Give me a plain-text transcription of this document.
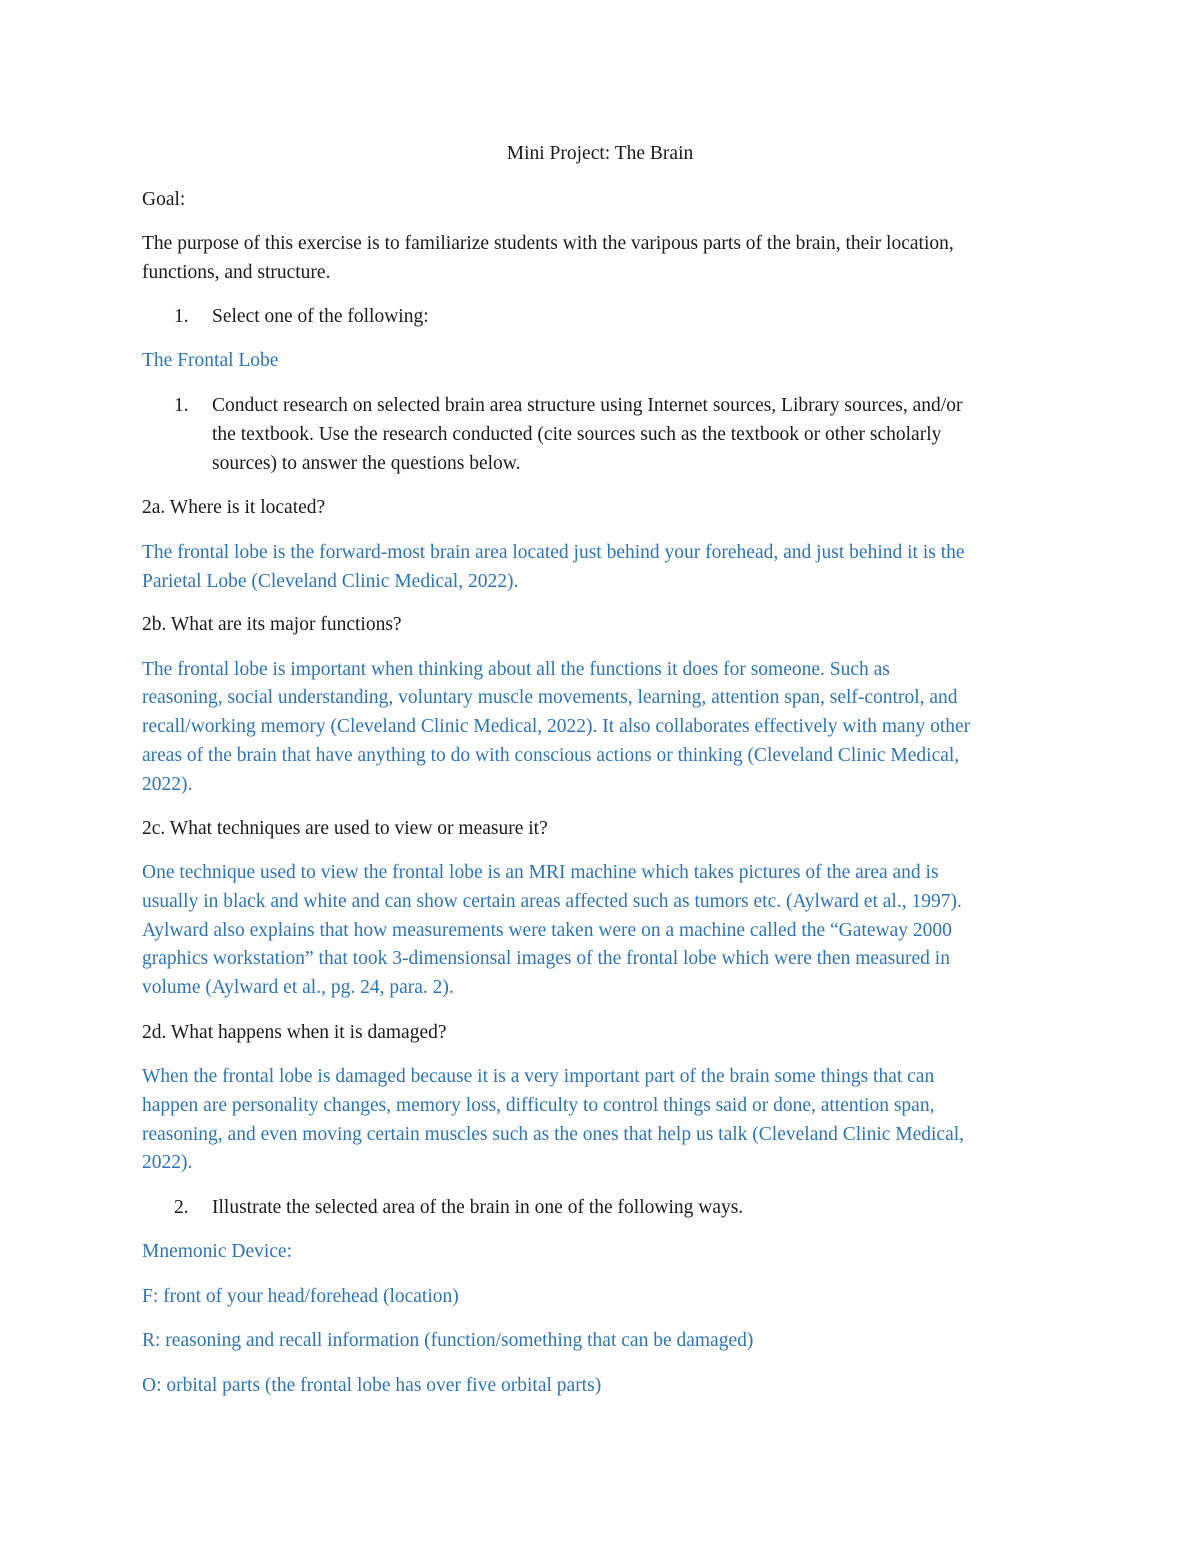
Mini Project: The Brain

Goal:

The purpose of this exercise is to familiarize students with the varipous parts of the brain, their location,

functions, and structure.

1. Select one of the following:

The Frontal Lobe

1. Conduct research on selected brain area structure using Internet sources, Library sources, and/or
the textbook. Use the research conducted (cite sources such as the textbook or other scholarly
sources) to answer the questions below.

2a. Where is it located?

The frontal lobe is the forward-most brain area located just behind your forehead, and just behind it is the

Parietal Lobe (Cleveland Clinic Medical, 2022).

2b. What are its major functions?

The frontal lobe is important when thinking about all the functions it does for someone. Such as

reasoning, social understanding, voluntary muscle movements, learning, attention span, self-control, and

recall/working memory (Cleveland Clinic Medical, 2022). It also collaborates effectively with many other

areas of the brain that have anything to do with conscious actions or thinking (Cleveland Clinic Medical,

2022).

2c. What techniques are used to view or measure it?

One technique used to view the frontal lobe is an MRI machine which takes pictures of the area and is

usually in black and white and can show certain areas affected such as tumors etc. (Aylward et al., 1997).

Aylward also explains that how measurements were taken were on a machine called the “Gateway 2000

graphics workstation” that took 3-dimensionsal images of the frontal lobe which were then measured in

volume (Aylward et al., pg. 24, para. 2).

2d. What happens when it is damaged?

When the frontal lobe is damaged because it is a very important part of the brain some things that can

happen are personality changes, memory loss, difficulty to control things said or done, attention span,

reasoning, and even moving certain muscles such as the ones that help us talk (Cleveland Clinic Medical,

2022).

2. Illustrate the selected area of the brain in one of the following ways.

Mnemonic Device:

F: front of your head/forehead (location)

R: reasoning and recall information (function/something that can be damaged)

O: orbital parts (the frontal lobe has over five orbital parts)
